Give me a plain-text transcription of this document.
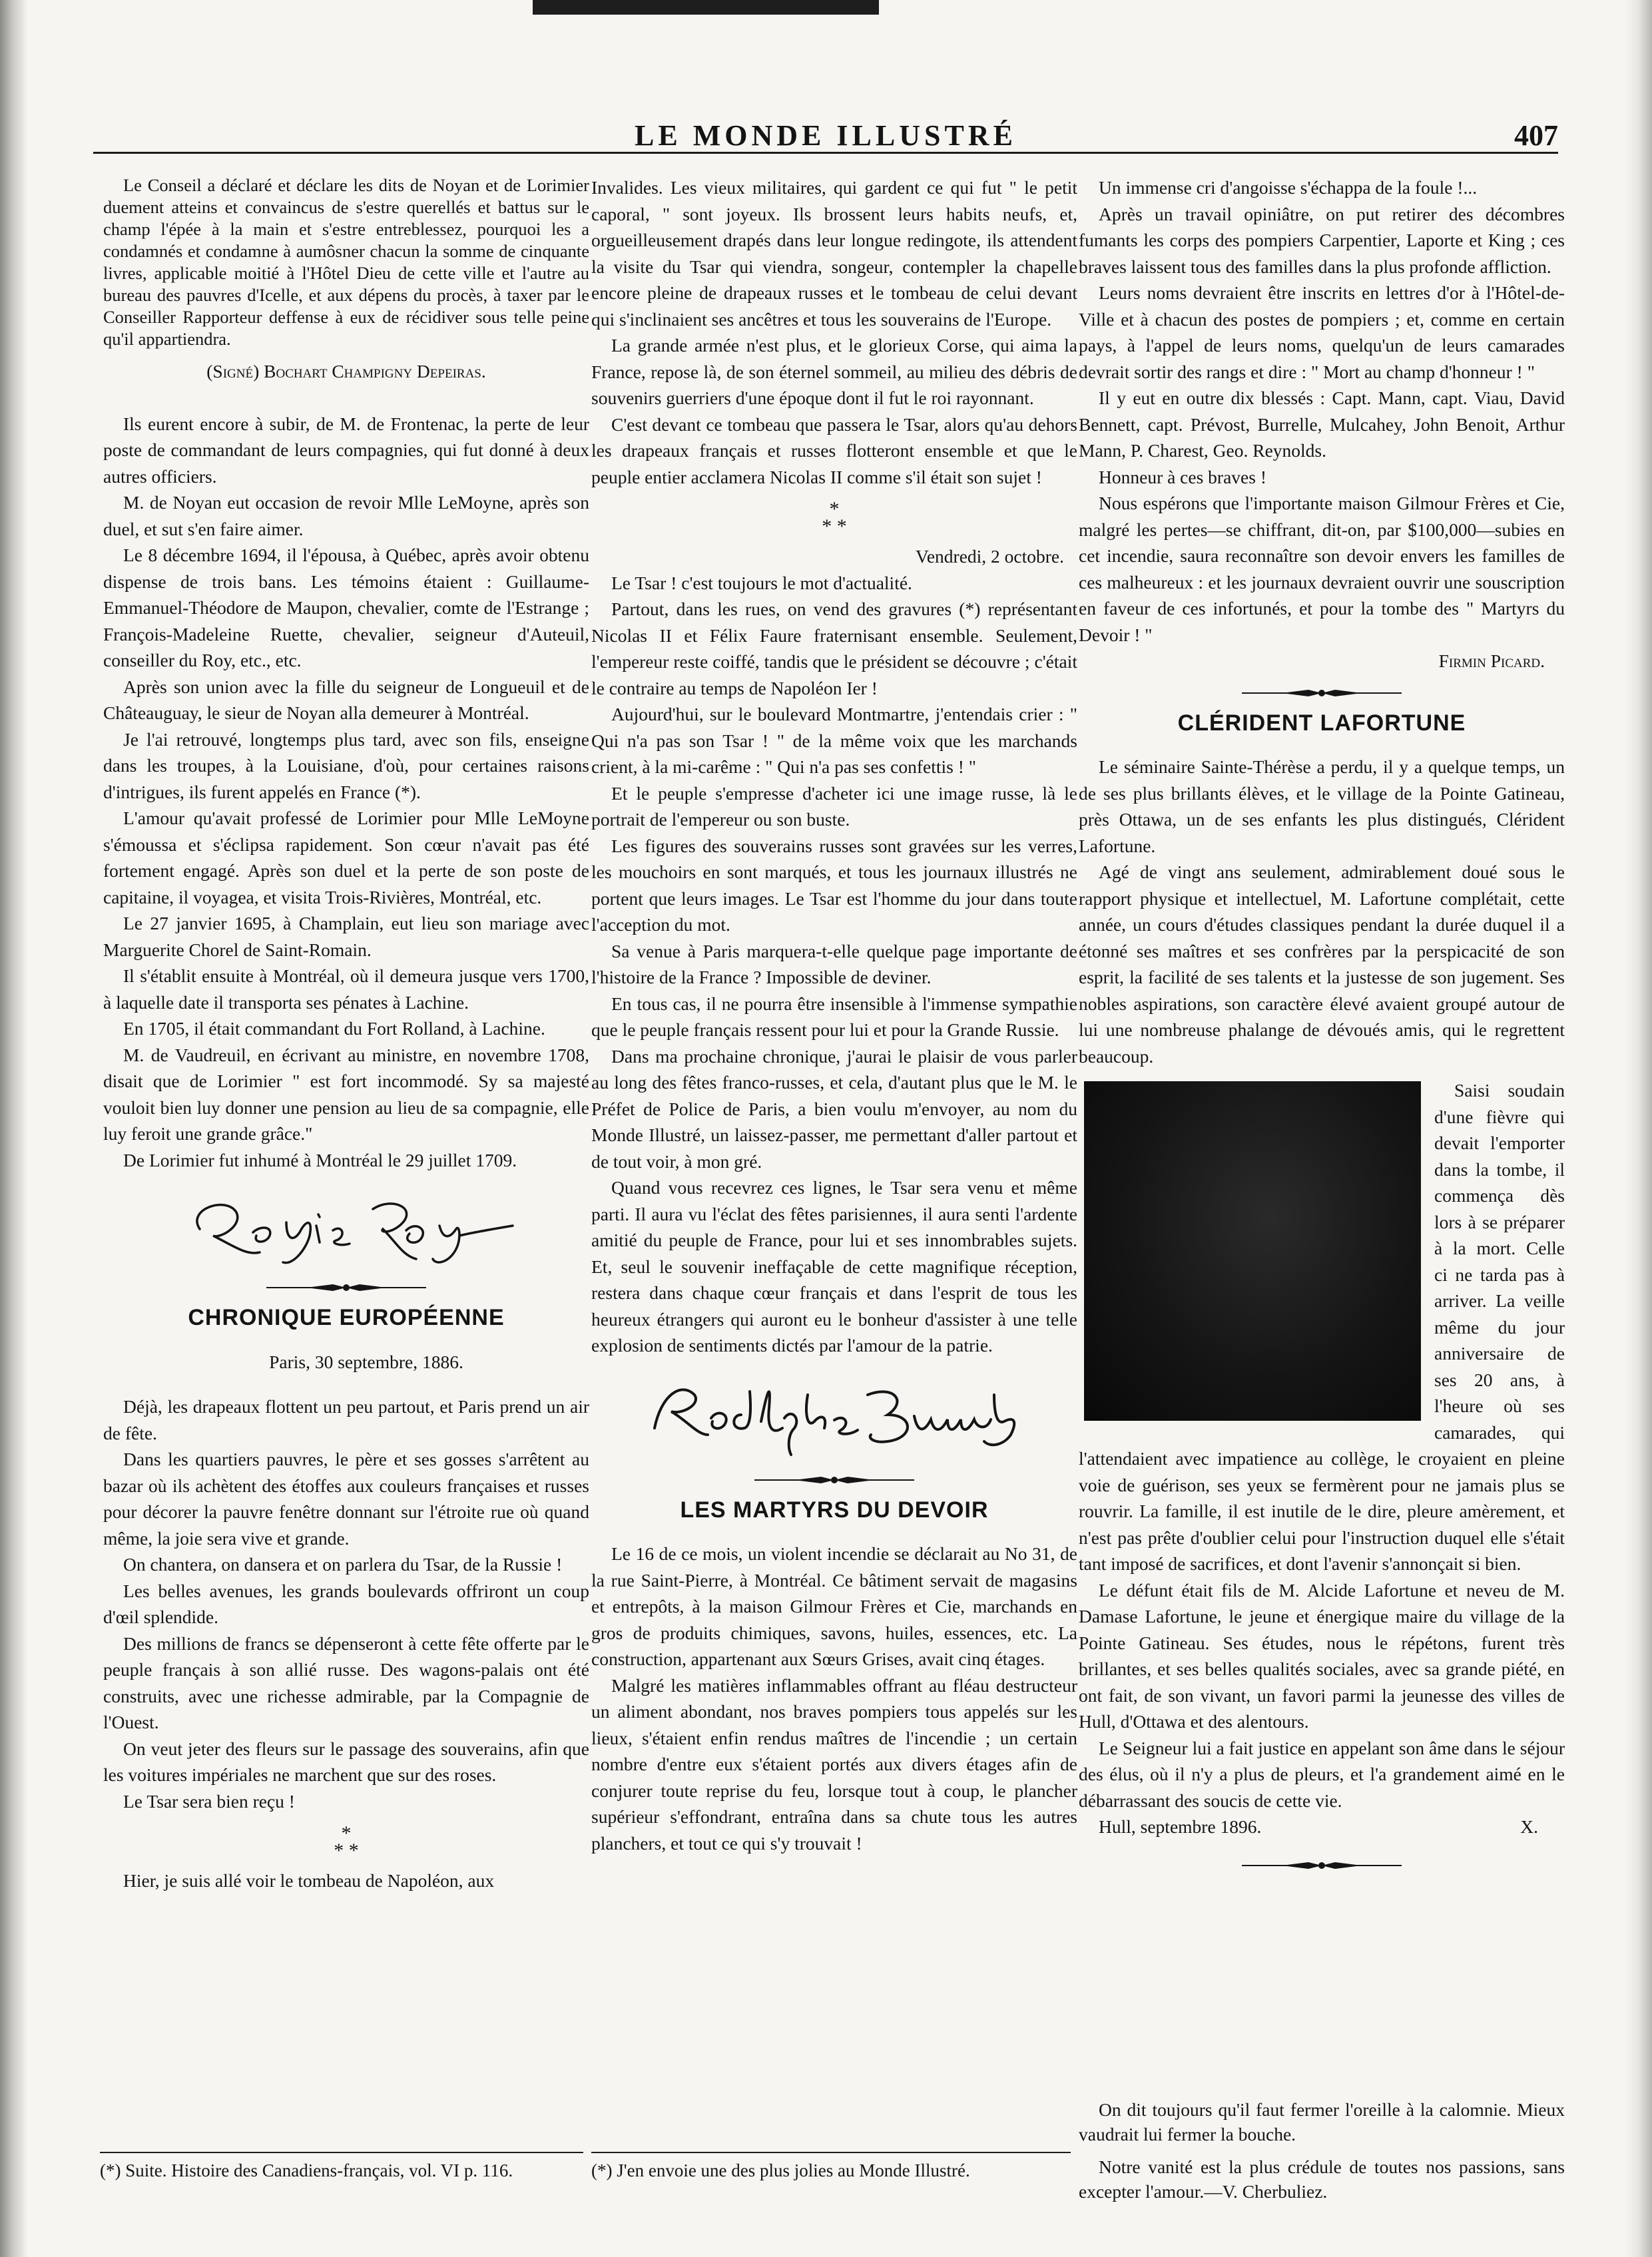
LE MONDE ILLUSTRÉ	407

Le Conseil a déclaré et déclare les dits de Noyan et de Lorimier duement atteins et convaincus de s'estre querellés et battus sur le champ l'épée à la main et s'estre entreblessez, pourquoi les a condamnés et condamne à aumôsner chacun la somme de cinquante livres, applicable moitié à l'Hôtel Dieu de cette ville et l'autre au bureau des pauvres d'Icelle, et aux dépens du procès, à taxer par le Conseiller Rapporteur deffense à eux de récidiver sous telle peine qu'il appartiendra.

(Signé) Bochart Champigny Depeiras.

Ils eurent encore à subir, de M. de Frontenac, la perte de leur poste de commandant de leurs compagnies, qui fut donné à deux autres officiers.

M. de Noyan eut occasion de revoir Mlle LeMoyne, après son duel, et sut s'en faire aimer.

Le 8 décembre 1694, il l'épousa, à Québec, après avoir obtenu dispense de trois bans. Les témoins étaient : Guillaume-Emmanuel-Théodore de Maupon, chevalier, comte de l'Estrange ; François-Madeleine Ruette, chevalier, seigneur d'Auteuil, conseiller du Roy, etc., etc.

Après son union avec la fille du seigneur de Longueuil et de Châteauguay, le sieur de Noyan alla demeurer à Montréal.

Je l'ai retrouvé, longtemps plus tard, avec son fils, enseigne dans les troupes, à la Louisiane, d'où, pour certaines raisons d'intrigues, ils furent appelés en France (*).

L'amour qu'avait professé de Lorimier pour Mlle LeMoyne s'émoussa et s'éclipsa rapidement. Son cœur n'avait pas été fortement engagé. Après son duel et la perte de son poste de capitaine, il voyagea, et visita Trois-Rivières, Montréal, etc.

Le 27 janvier 1695, à Champlain, eut lieu son mariage avec Marguerite Chorel de Saint-Romain.

Il s'établit ensuite à Montréal, où il demeura jusque vers 1700, à laquelle date il transporta ses pénates à Lachine.

En 1705, il était commandant du Fort Rolland, à Lachine.

M. de Vaudreuil, en écrivant au ministre, en novembre 1708, disait que de Lorimier " est fort incommodé. Sy sa majesté vouloit bien luy donner une pension au lieu de sa compagnie, elle luy feroit une grande grâce."

De Lorimier fut inhumé à Montréal le 29 juillet 1709.

CHRONIQUE EUROPÉENNE

Paris, 30 septembre, 1886.

Déjà, les drapeaux flottent un peu partout, et Paris prend un air de fête.

Dans les quartiers pauvres, le père et ses gosses s'arrêtent au bazar où ils achètent des étoffes aux couleurs françaises et russes pour décorer la pauvre fenêtre donnant sur l'étroite rue où quand même, la joie sera vive et grande.

On chantera, on dansera et on parlera du Tsar, de la Russie !

Les belles avenues, les grands boulevards offriront un coup d'œil splendide.

Des millions de francs se dépenseront à cette fête offerte par le peuple français à son allié russe. Des wagons-palais ont été construits, avec une richesse admirable, par la Compagnie de l'Ouest.

On veut jeter des fleurs sur le passage des souverains, afin que les voitures impériales ne marchent que sur des roses.

Le Tsar sera bien reçu !

*
* *

Hier, je suis allé voir le tombeau de Napoléon, aux

(*) Suite. Histoire des Canadiens-français, vol. VI p. 116.

Invalides. Les vieux militaires, qui gardent ce qui fut " le petit caporal, " sont joyeux. Ils brossent leurs habits neufs, et, orgueilleusement drapés dans leur longue redingote, ils attendent la visite du Tsar qui viendra, songeur, contempler la chapelle encore pleine de drapeaux russes et le tombeau de celui devant qui s'inclinaient ses ancêtres et tous les souverains de l'Europe.

La grande armée n'est plus, et le glorieux Corse, qui aima la France, repose là, de son éternel sommeil, au milieu des débris de souvenirs guerriers d'une époque dont il fut le roi rayonnant.

C'est devant ce tombeau que passera le Tsar, alors qu'au dehors les drapeaux français et russes flotteront ensemble et que le peuple entier acclamera Nicolas II comme s'il était son sujet !

*
* *

Vendredi, 2 octobre.

Le Tsar ! c'est toujours le mot d'actualité.

Partout, dans les rues, on vend des gravures (*) représentant Nicolas II et Félix Faure fraternisant ensemble. Seulement, l'empereur reste coiffé, tandis que le président se découvre ; c'était le contraire au temps de Napoléon Ier !

Aujourd'hui, sur le boulevard Montmartre, j'entendais crier : " Qui n'a pas son Tsar ! " de la même voix que les marchands crient, à la mi-carême : " Qui n'a pas ses confettis ! "

Et le peuple s'empresse d'acheter ici une image russe, là le portrait de l'empereur ou son buste.

Les figures des souverains russes sont gravées sur les verres, les mouchoirs en sont marqués, et tous les journaux illustrés ne portent que leurs images. Le Tsar est l'homme du jour dans toute l'acception du mot.

Sa venue à Paris marquera-t-elle quelque page importante de l'histoire de la France ? Impossible de deviner.

En tous cas, il ne pourra être insensible à l'immense sympathie que le peuple français ressent pour lui et pour la Grande Russie.

Dans ma prochaine chronique, j'aurai le plaisir de vous parler au long des fêtes franco-russes, et cela, d'autant plus que le M. le Préfet de Police de Paris, a bien voulu m'envoyer, au nom du Monde Illustré, un laissez-passer, me permettant d'aller partout et de tout voir, à mon gré.

Quand vous recevrez ces lignes, le Tsar sera venu et même parti. Il aura vu l'éclat des fêtes parisiennes, il aura senti l'ardente amitié du peuple de France, pour lui et ses innombrables sujets. Et, seul le souvenir ineffaçable de cette magnifique réception, restera dans chaque cœur français et dans l'esprit de tous les heureux étrangers qui auront eu le bonheur d'assister à une telle explosion de sentiments dictés par l'amour de la patrie.

LES MARTYRS DU DEVOIR

Le 16 de ce mois, un violent incendie se déclarait au No 31, de la rue Saint-Pierre, à Montréal. Ce bâtiment servait de magasins et entrepôts, à la maison Gilmour Frères et Cie, marchands en gros de produits chimiques, savons, huiles, essences, etc. La construction, appartenant aux Sœurs Grises, avait cinq étages.

Malgré les matières inflammables offrant au fléau destructeur un aliment abondant, nos braves pompiers tous appelés sur les lieux, s'étaient enfin rendus maîtres de l'incendie ; un certain nombre d'entre eux s'étaient portés aux divers étages afin de conjurer toute reprise du feu, lorsque tout à coup, le plancher supérieur s'effondrant, entraîna dans sa chute tous les autres planchers, et tout ce qui s'y trouvait !

(*) J'en envoie une des plus jolies au Monde Illustré.

Un immense cri d'angoisse s'échappa de la foule !...

Après un travail opiniâtre, on put retirer des décombres fumants les corps des pompiers Carpentier, Laporte et King ; ces braves laissent tous des familles dans la plus profonde affliction.

Leurs noms devraient être inscrits en lettres d'or à l'Hôtel-de-Ville et à chacun des postes de pompiers ; et, comme en certain pays, à l'appel de leurs noms, quelqu'un de leurs camarades devrait sortir des rangs et dire : " Mort au champ d'honneur ! "

Il y eut en outre dix blessés : Capt. Mann, capt. Viau, David Bennett, capt. Prévost, Burrelle, Mulcahey, John Benoit, Arthur Mann, P. Charest, Geo. Reynolds.

Honneur à ces braves !

Nous espérons que l'importante maison Gilmour Frères et Cie, malgré les pertes—se chiffrant, dit-on, par $100,000—subies en cet incendie, saura reconnaître son devoir envers les familles de ces malheureux : et les journaux devraient ouvrir une souscription en faveur de ces infortunés, et pour la tombe des " Martyrs du Devoir ! "

Firmin Picard.

CLÉRIDENT LAFORTUNE

Le séminaire Sainte-Thérèse a perdu, il y a quelque temps, un de ses plus brillants élèves, et le village de la Pointe Gatineau, près Ottawa, un de ses enfants les plus distingués, Clérident Lafortune.

Agé de vingt ans seulement, admirablement doué sous le rapport physique et intellectuel, M. Lafortune complétait, cette année, un cours d'études classiques pendant la durée duquel il a étonné ses maîtres et ses confrères par la perspicacité de son esprit, la facilité de ses talents et la justesse de son jugement. Ses nobles aspirations, son caractère élevé avaient groupé autour de lui une nombreuse phalange de dévoués amis, qui le regrettent beaucoup.

Saisi soudain d'une fièvre qui devait l'emporter dans la tombe, il commença dès lors à se préparer à la mort. Celle ci ne tarda pas à arriver. La veille même du jour anniversaire de ses 20 ans, à l'heure où ses camarades, qui l'attendaient avec impatience au collège, le croyaient en pleine voie de guérison, ses yeux se fermèrent pour ne jamais plus se rouvrir. La famille, il est inutile de le dire, pleure amèrement, et n'est pas prête d'oublier celui pour l'instruction duquel elle s'était tant imposé de sacrifices, et dont l'avenir s'annonçait si bien.

Le défunt était fils de M. Alcide Lafortune et neveu de M. Damase Lafortune, le jeune et énergique maire du village de la Pointe Gatineau. Ses études, nous le répétons, furent très brillantes, et ses belles qualités sociales, avec sa grande piété, en ont fait, de son vivant, un favori parmi la jeunesse des villes de Hull, d'Ottawa et des alentours.

Le Seigneur lui a fait justice en appelant son âme dans le séjour des élus, où il n'y a plus de pleurs, et l'a grandement aimé en le débarrassant des soucis de cette vie.

Hull, septembre 1896.	X.

On dit toujours qu'il faut fermer l'oreille à la calomnie. Mieux vaudrait lui fermer la bouche.

Notre vanité est la plus crédule de toutes nos passions, sans excepter l'amour.—V. Cherbuliez.
